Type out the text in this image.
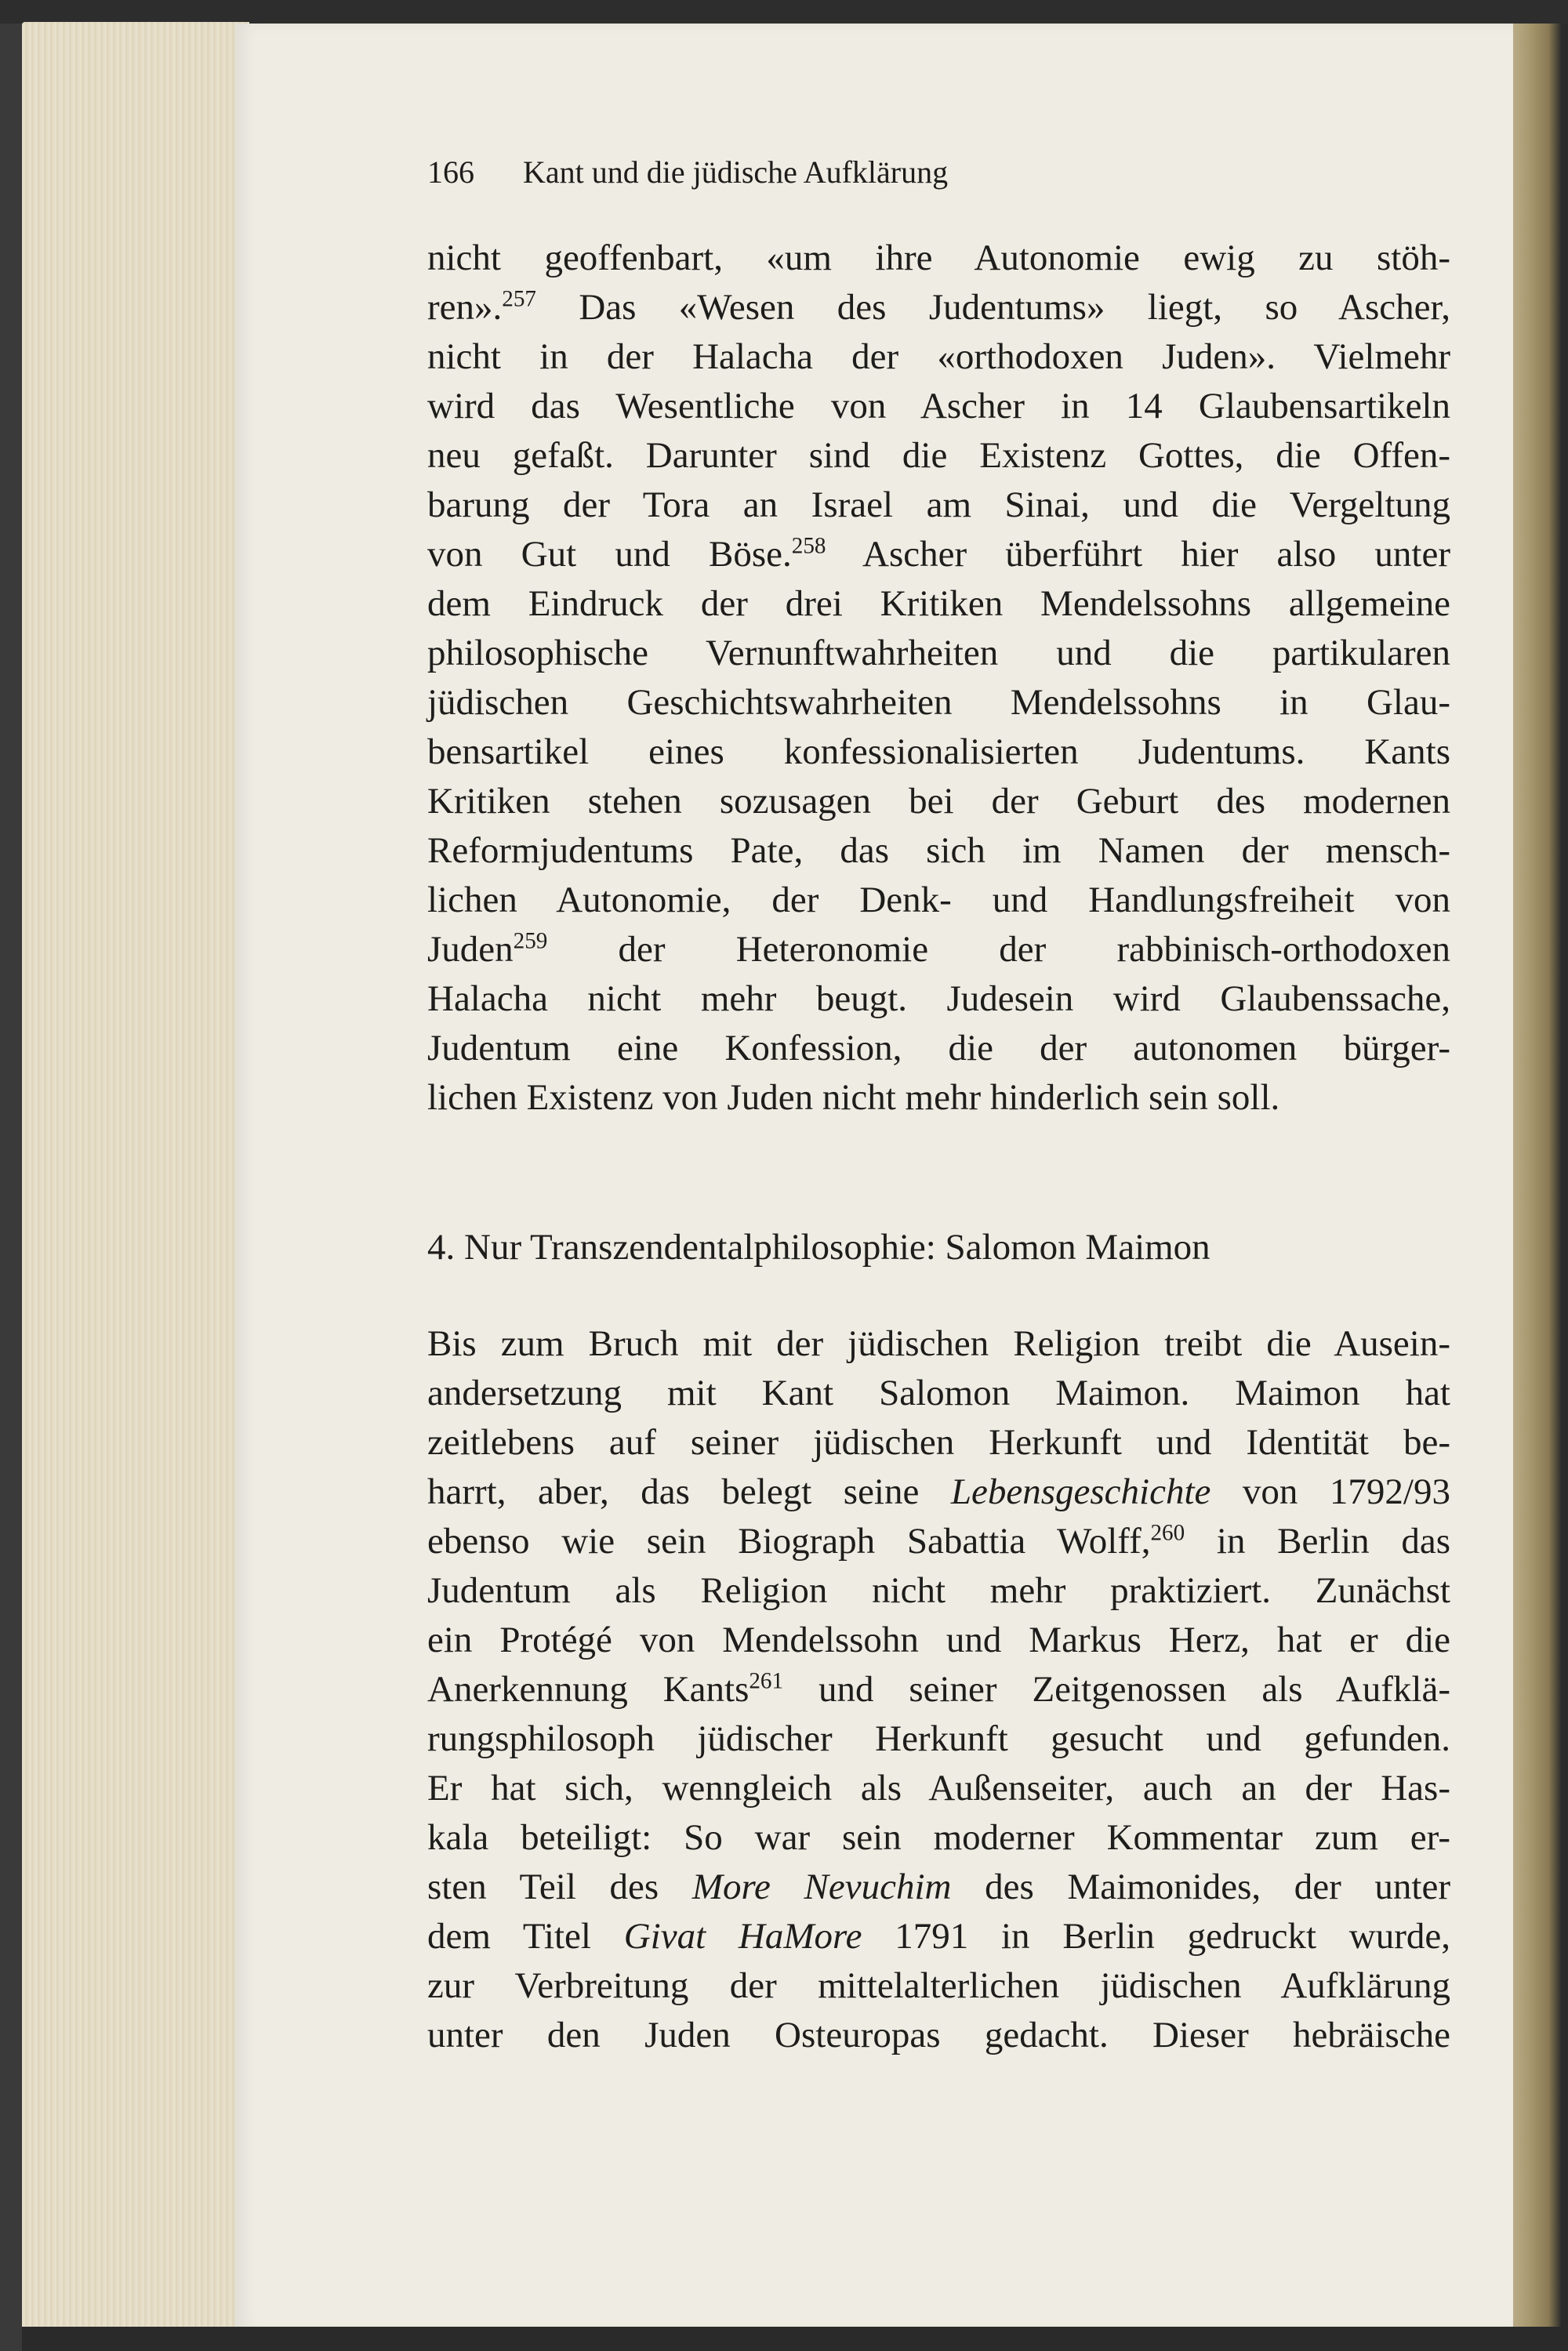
166 Kant und die jüdische Aufklärung
nicht geoffenbart, «um ihre Autonomie ewig zu stöh-
ren».$^{257}$ Das «Wesen des Judentums» liegt, so Ascher,
nicht in der Halacha der «orthodoxen Juden». Vielmehr
wird das Wesentliche von Ascher in 14 Glaubensartikeln
neu gefaßt. Darunter sind die Existenz Gottes, die Offen-
barung der Tora an Israel am Sinai, und die Vergeltung
von Gut und Böse.$^{258}$ Ascher überführt hier also unter
dem Eindruck der drei Kritiken Mendelssohns allgemeine
philosophische Vernunftwahrheiten und die partikularen
jüdischen Geschichtswahrheiten Mendelssohns in Glau-
bensartikel eines konfessionalisierten Judentums. Kants
Kritiken stehen sozusagen bei der Geburt des modernen
Reformjudentums Pate, das sich im Namen der mensch-
lichen Autonomie, der Denk- und Handlungsfreiheit von
Juden$^{259}$ der Heteronomie der rabbinisch-orthodoxen
Halacha nicht mehr beugt. Judesein wird Glaubenssache,
Judentum eine Konfession, die der autonomen bürger-
lichen Existenz von Juden nicht mehr hinderlich sein soll.
4. Nur Transzendentalphilosophie: Salomon Maimon
Bis zum Bruch mit der jüdischen Religion treibt die Ausein-
andersetzung mit Kant Salomon Maimon. Maimon hat
zeitlebens auf seiner jüdischen Herkunft und Identität be-
harrt, aber, das belegt seine Lebensgeschichte von 1792/93
ebenso wie sein Biograph Sabattia Wolff,$^{260}$ in Berlin das
Judentum als Religion nicht mehr praktiziert. Zunächst
ein Protégé von Mendelssohn und Markus Herz, hat er die
Anerkennung Kants$^{261}$ und seiner Zeitgenossen als Aufklä-
rungsphilosoph jüdischer Herkunft gesucht und gefunden.
Er hat sich, wenngleich als Außenseiter, auch an der Has-
kala beteiligt: So war sein moderner Kommentar zum er-
sten Teil des More Nevuchim des Maimonides, der unter
dem Titel Givat HaMore 1791 in Berlin gedruckt wurde,
zur Verbreitung der mittelalterlichen jüdischen Aufklärung
unter den Juden Osteuropas gedacht. Dieser hebräische
